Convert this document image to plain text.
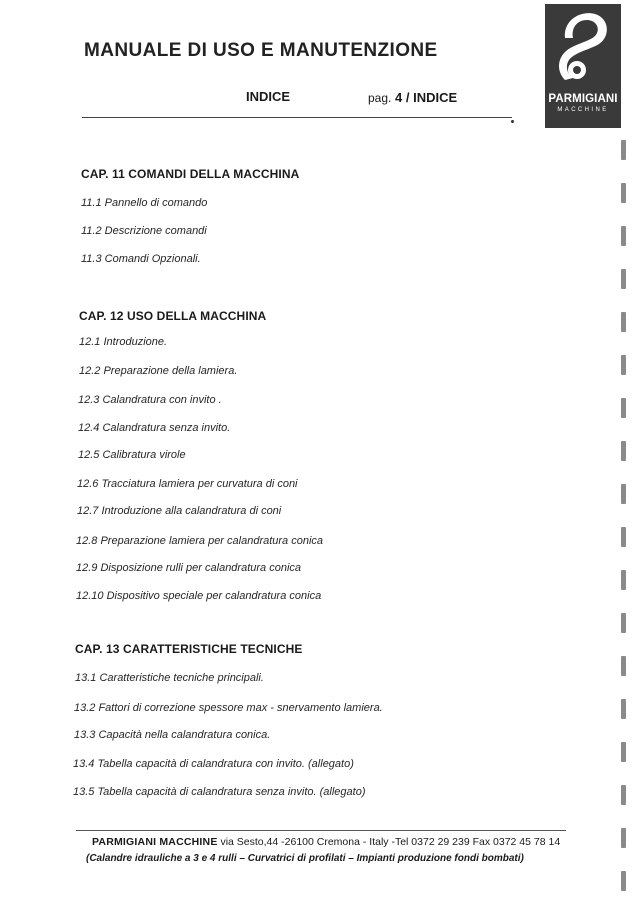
MANUALE DI USO E MANUTENZIONE
INDICE	pag. 4 / INDICE	PARMIGIANI
MACCHINE
CAP. 11 COMANDI DELLA MACCHINA
11.1 Pannello di comando
11.2 Descrizione comandi
11.3 Comandi Opzionali.
CAP. 12 USO DELLA MACCHINA
12.1 Introduzione.
12.2 Preparazione della lamiera.
12.3 Calandratura con invito .
12.4 Calandratura senza invito.
12.5 Calibratura virole
12.6 Tracciatura lamiera per curvatura di coni
12.7 Introduzione alla calandratura di coni
12.8 Preparazione lamiera per calandratura conica
12.9 Disposizione rulli per calandratura conica
12.10 Dispositivo speciale per calandratura conica
CAP. 13 CARATTERISTICHE TECNICHE
13.1 Caratteristiche tecniche principali.
13.2 Fattori di correzione spessore max - snervamento lamiera.
13.3 Capacità nella calandratura conica.
13.4 Tabella capacità di calandratura con invito. (allegato)
13.5 Tabella capacità di calandratura senza invito. (allegato)
PARMIGIANI MACCHINE via Sesto,44 -26100 Cremona - Italy -Tel 0372 29 239 Fax 0372 45 78 14
(Calandre idrauliche a 3 e 4 rulli – Curvatrici di profilati – Impianti produzione fondi bombati)
